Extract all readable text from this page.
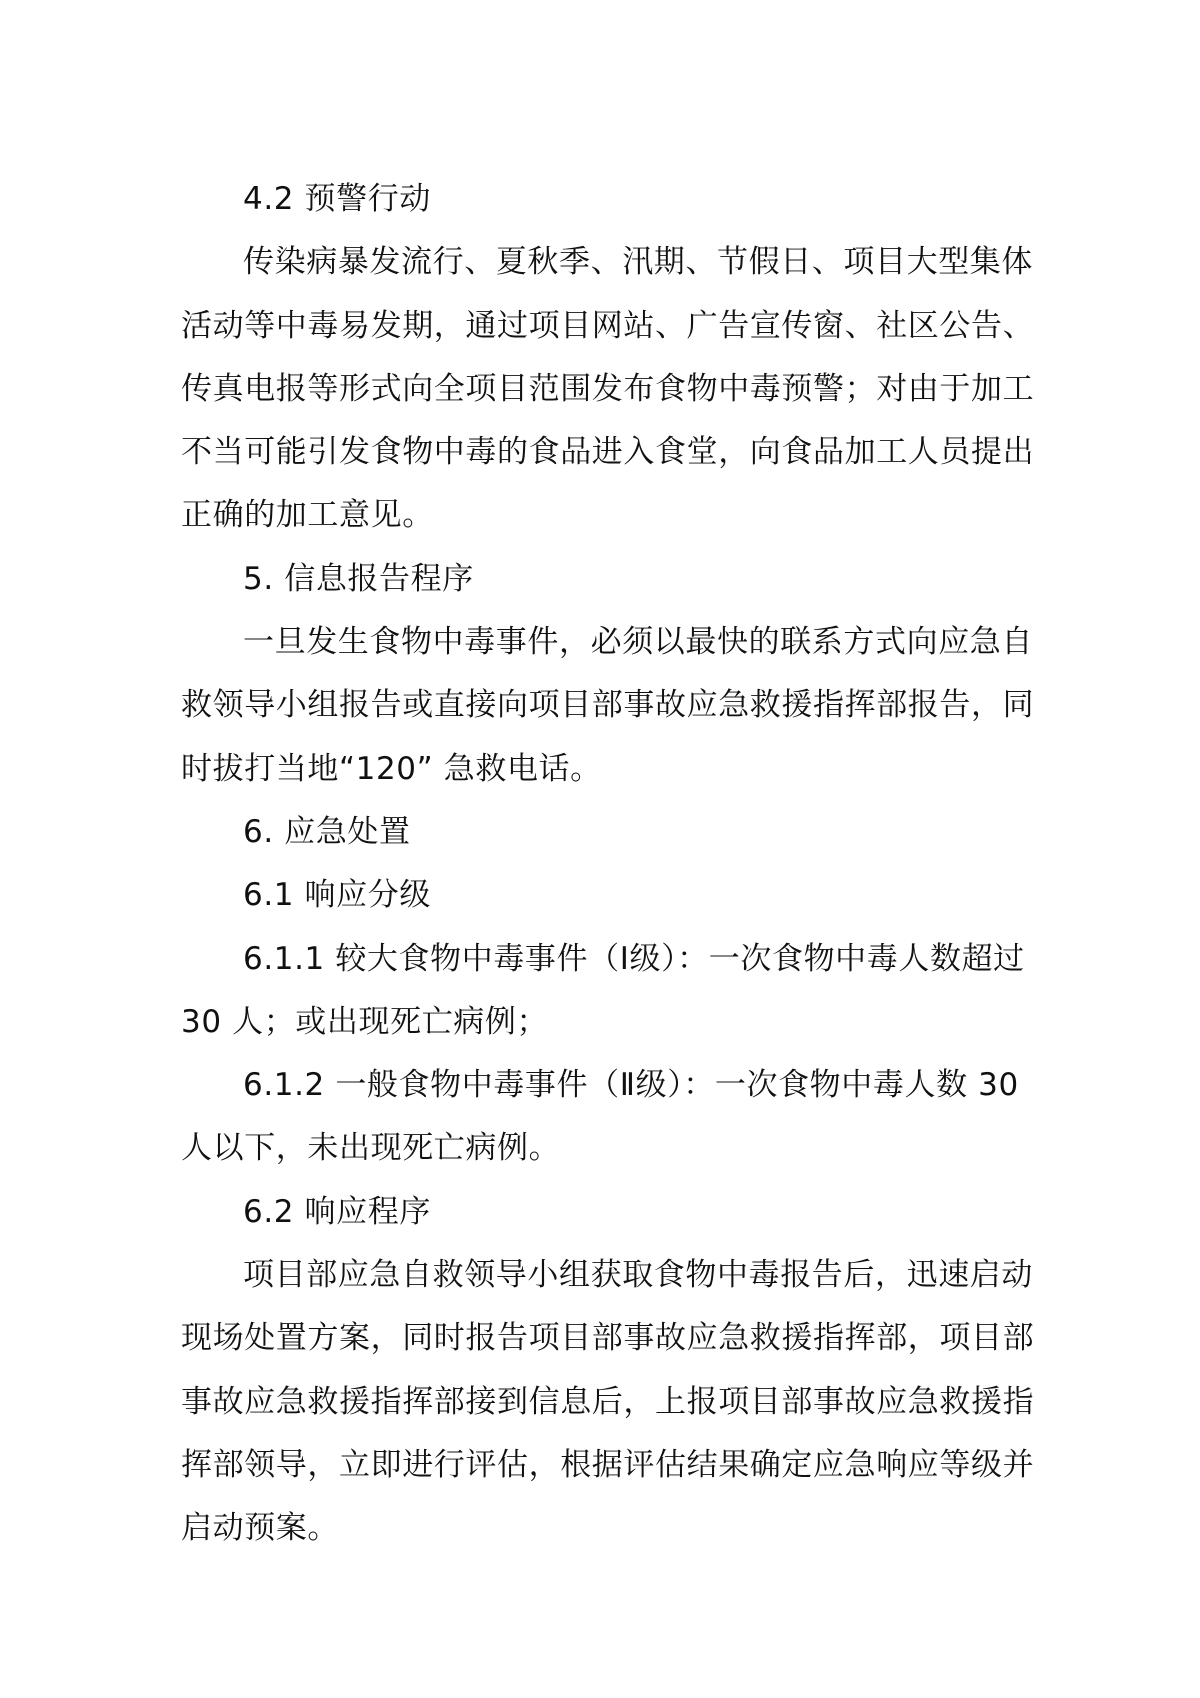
4.2 预警行动

传染病暴发流行、夏秋季、汛期、节假日、项目大型集体
活动等中毒易发期，通过项目网站、广告宣传窗、社区公告、
传真电报等形式向全项目范围发布食物中毒预警；对由于加工
不当可能引发食物中毒的食品进入食堂，向食品加工人员提出
正确的加工意见。

5. 信息报告程序

一旦发生食物中毒事件，必须以最快的联系方式向应急自
救领导小组报告或直接向项目部事故应急救援指挥部报告，同
时拔打当地“120” 急救电话。

6. 应急处置

6.1 响应分级

6.1.1 较大食物中毒事件（Ⅰ级）：一次食物中毒人数超过
30 人；或出现死亡病例；

6.1.2 一般食物中毒事件（Ⅱ级）：一次食物中毒人数 30
人以下，未出现死亡病例。

6.2 响应程序

项目部应急自救领导小组获取食物中毒报告后，迅速启动
现场处置方案，同时报告项目部事故应急救援指挥部，项目部
事故应急救援指挥部接到信息后，上报项目部事故应急救援指
挥部领导，立即进行评估，根据评估结果确定应急响应等级并
启动预案。
